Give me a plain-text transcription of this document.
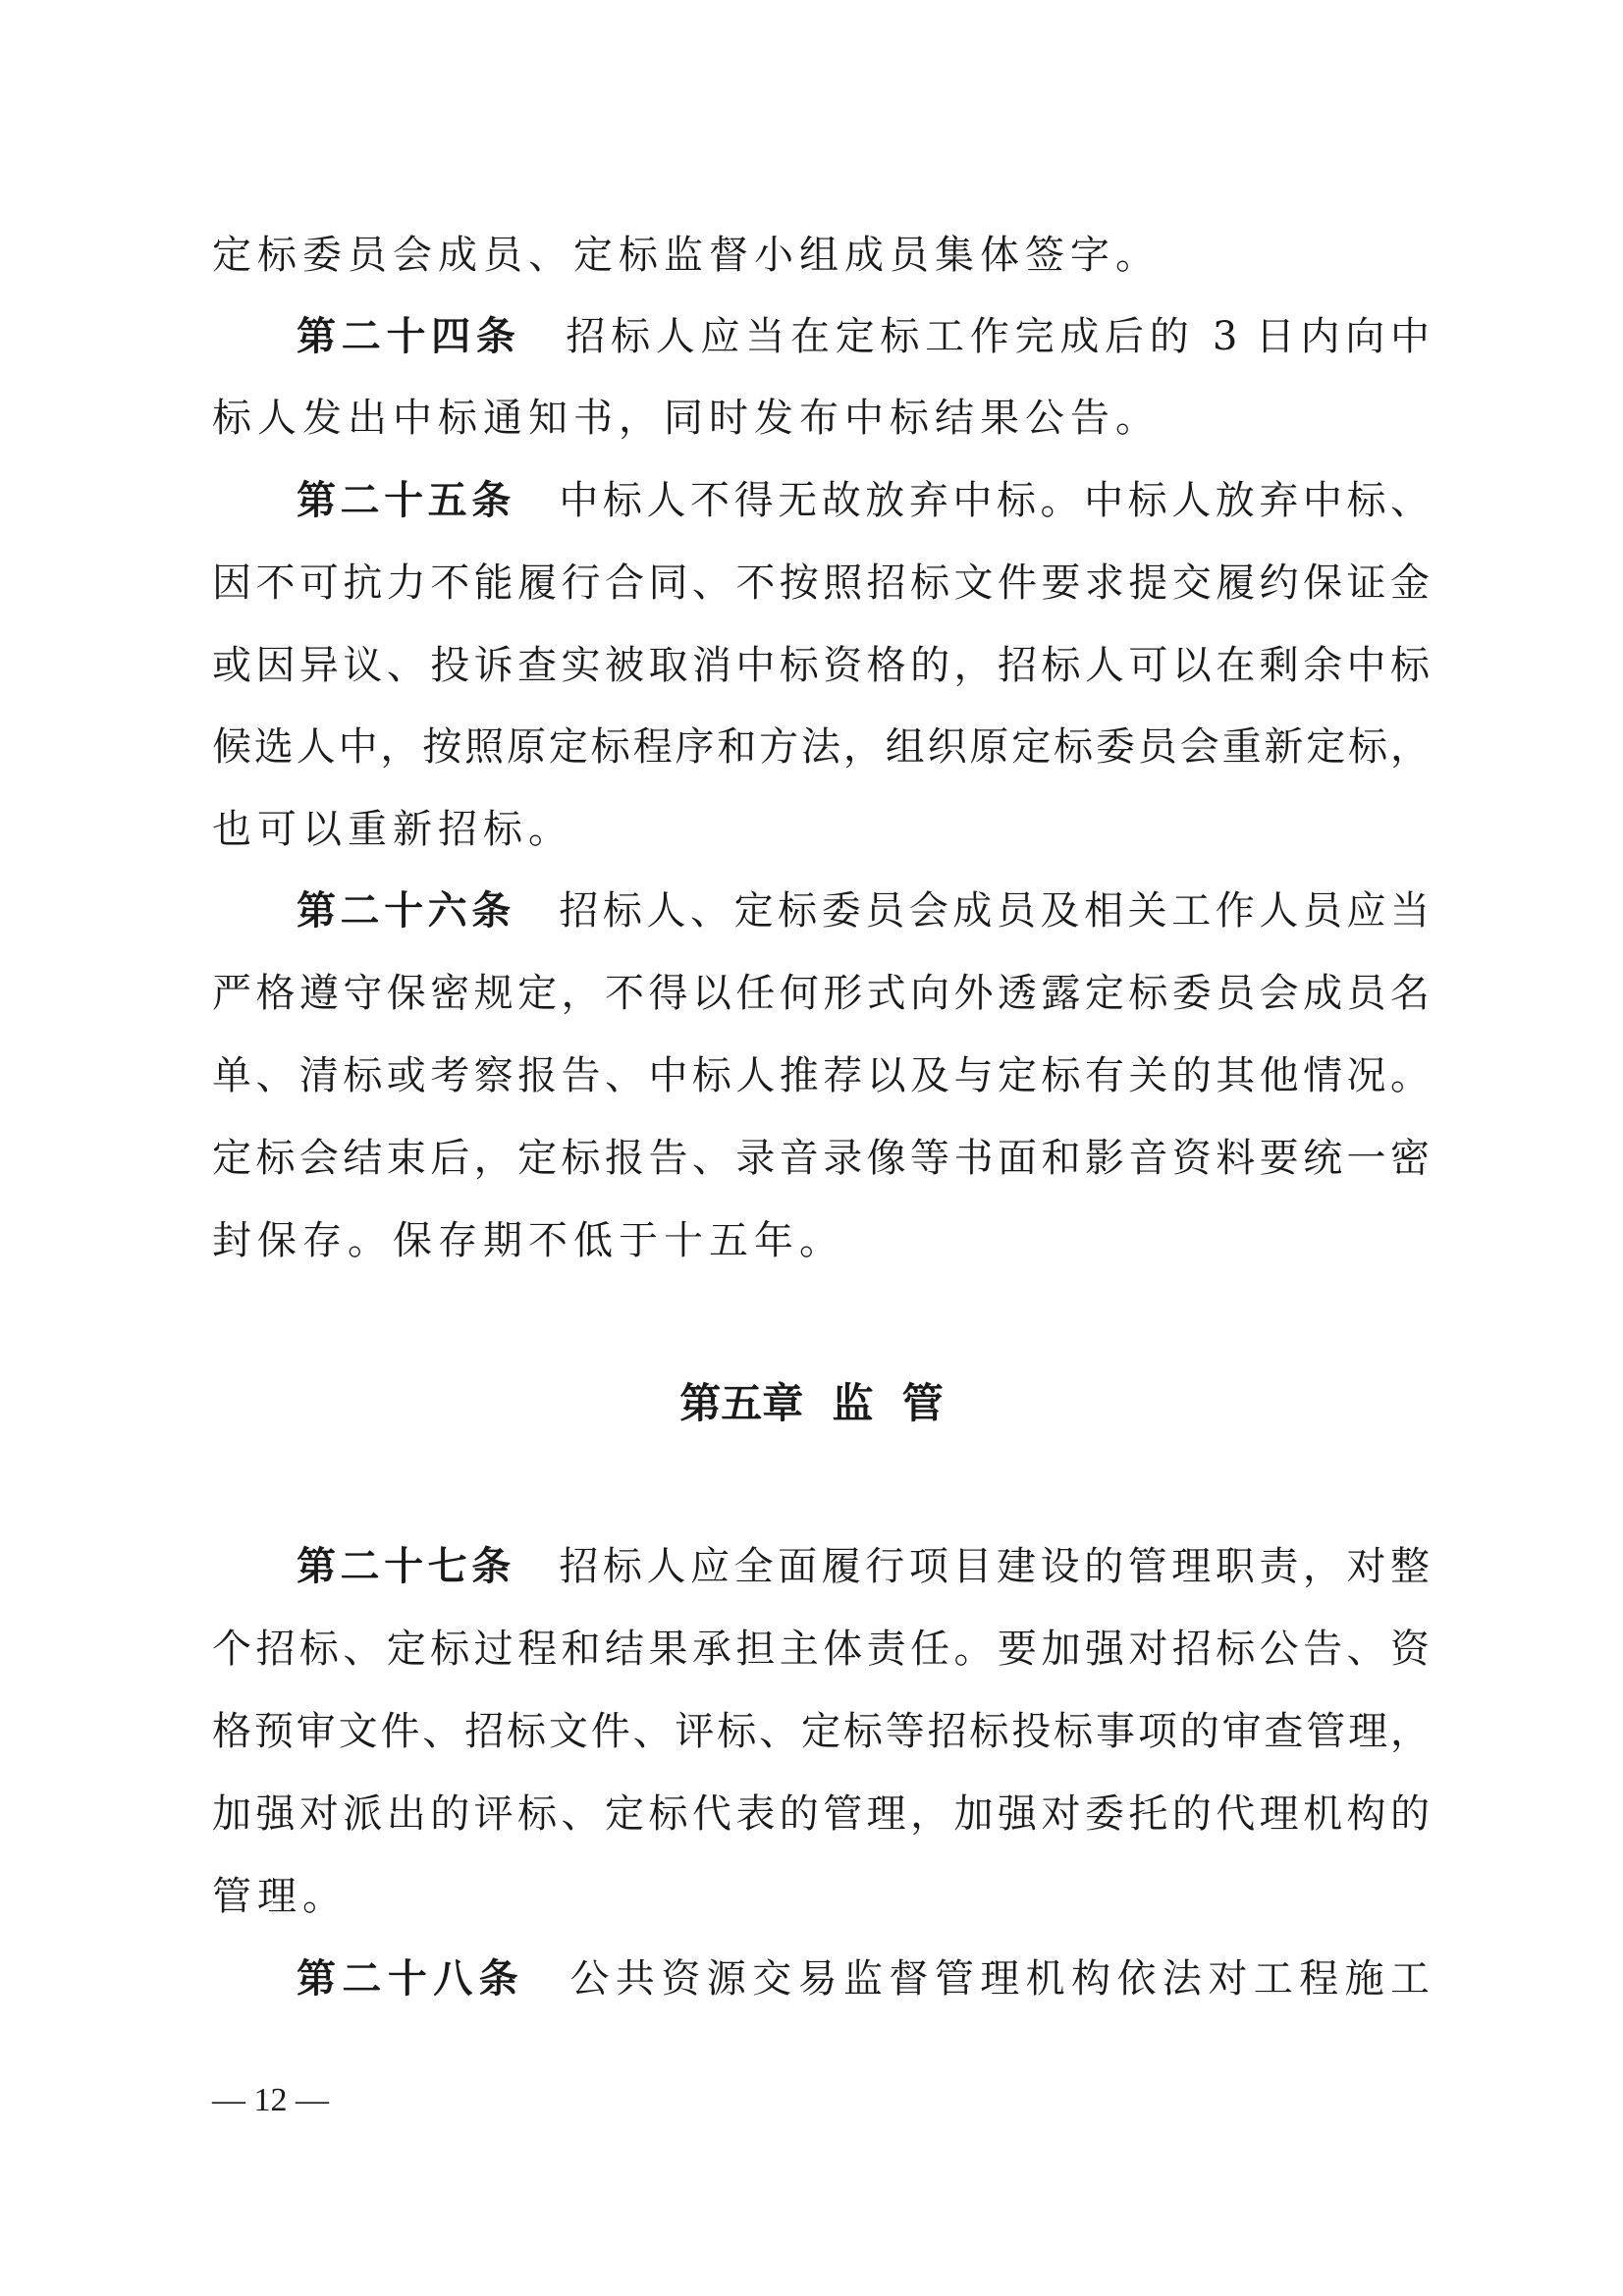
定标委员会成员、定标监督小组成员集体签字。
第二十四条 招标人应当在定标工作完成后的 3 日内向中
标人发出中标通知书，同时发布中标结果公告。
第二十五条 中标人不得无故放弃中标。中标人放弃中标、
因不可抗力不能履行合同、不按照招标文件要求提交履约保证金
或因异议、投诉查实被取消中标资格的，招标人可以在剩余中标
候选人中，按照原定标程序和方法，组织原定标委员会重新定标，
也可以重新招标。
第二十六条 招标人、定标委员会成员及相关工作人员应当
严格遵守保密规定，不得以任何形式向外透露定标委员会成员名
单、清标或考察报告、中标人推荐以及与定标有关的其他情况。
定标会结束后，定标报告、录音录像等书面和影音资料要统一密
封保存。保存期不低于十五年。
第五章  监  管
第二十七条 招标人应全面履行项目建设的管理职责，对整
个招标、定标过程和结果承担主体责任。要加强对招标公告、资
格预审文件、招标文件、评标、定标等招标投标事项的审查管理，
加强对派出的评标、定标代表的管理，加强对委托的代理机构的
管理。
第二十八条 公共资源交易监督管理机构依法对工程施工
— 12 —
